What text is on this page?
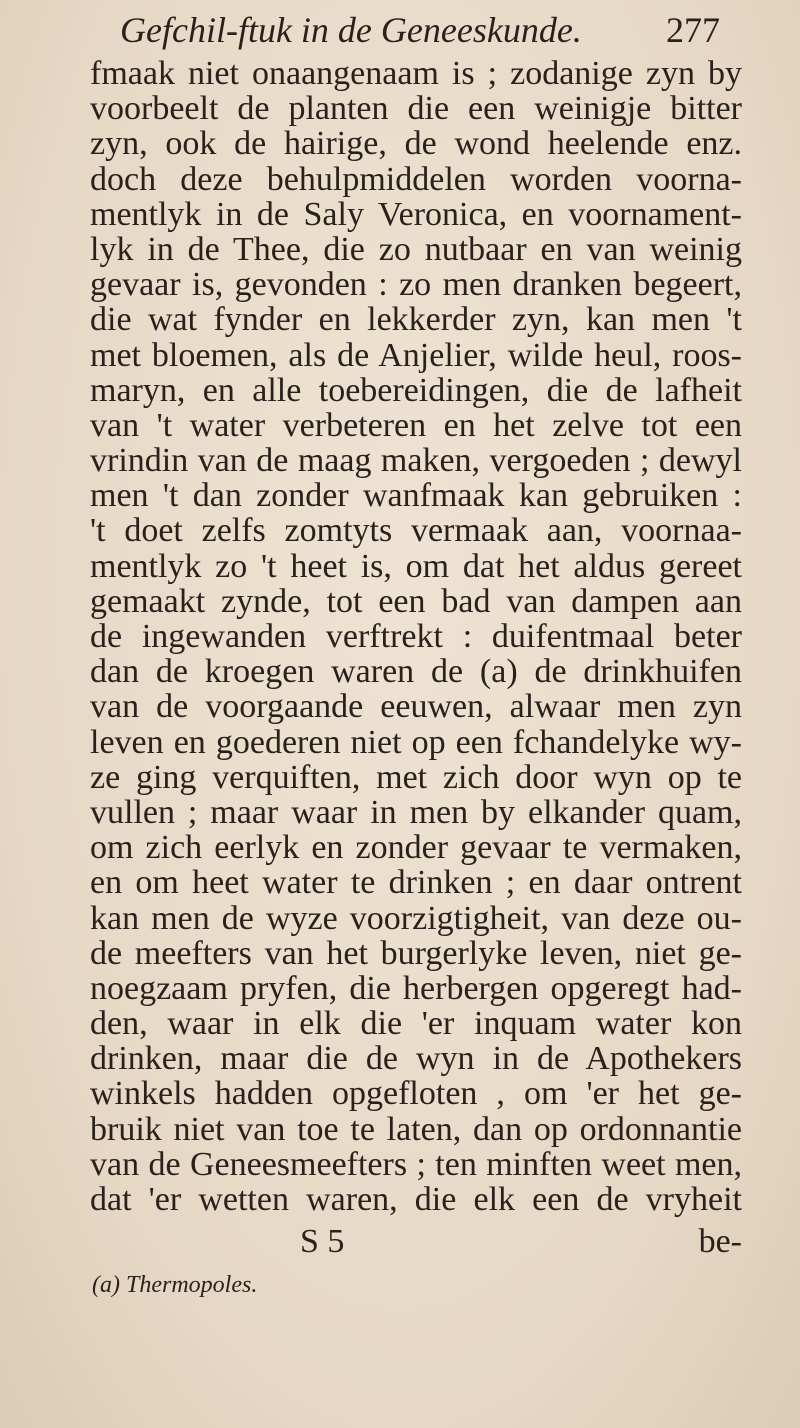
Gefchil-ftuk in de Geneeskunde. 277
fmaak niet onaangenaam is ; zodanige zyn by
voorbeelt de planten die een weinigje bitter
zyn, ook de hairige, de wond heelende enz.
doch deze behulpmiddelen worden voorna-
mentlyk in de Saly Veronica, en voornament-
lyk in de Thee, die zo nutbaar en van weinig
gevaar is, gevonden : zo men dranken begeert,
die wat fynder en lekkerder zyn, kan men 't
met bloemen, als de Anjelier, wilde heul, roos-
maryn, en alle toebereidingen, die de lafheit
van 't water verbeteren en het zelve tot een
vrindin van de maag maken, vergoeden ; dewyl
men 't dan zonder wanfmaak kan gebruiken :
't doet zelfs zomtyts vermaak aan, voornaa-
mentlyk zo 't heet is, om dat het aldus gereet
gemaakt zynde, tot een bad van dampen aan
de ingewanden verftrekt : duifentmaal beter
dan de kroegen waren de (a) de drinkhuifen
van de voorgaande eeuwen, alwaar men zyn
leven en goederen niet op een fchandelyke wy-
ze ging verquiften, met zich door wyn op te
vullen ; maar waar in men by elkander quam,
om zich eerlyk en zonder gevaar te vermaken,
en om heet water te drinken ; en daar ontrent
kan men de wyze voorzigtigheit, van deze ou-
de meefters van het burgerlyke leven, niet ge-
noegzaam pryfen, die herbergen opgeregt had-
den, waar in elk die 'er inquam water kon
drinken, maar die de wyn in de Apothekers
winkels hadden opgefloten , om 'er het ge-
bruik niet van toe te laten, dan op ordonnantie
van de Geneesmeefters ; ten minften weet men,
dat 'er wetten waren, die elk een de vryheit
S 5	be-
(a) Thermopoles.
